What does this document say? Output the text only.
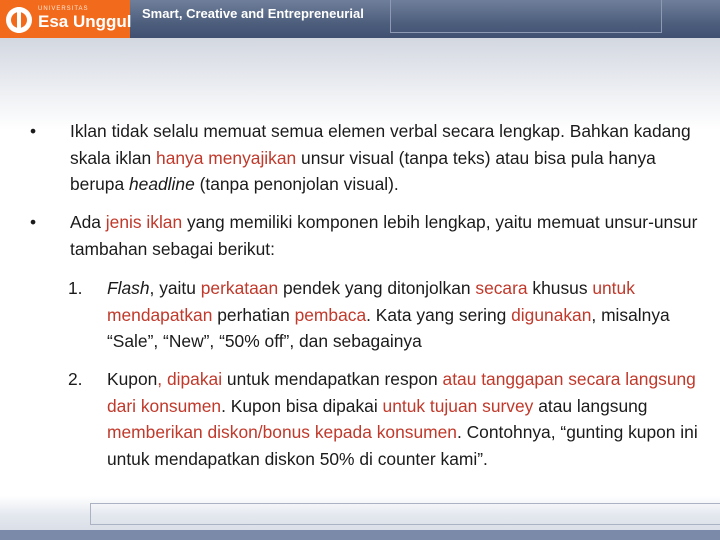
UNIVERSITAS
Esa Unggul Smart, Creative and Entrepreneurial
• Iklan tidak selalu memuat semua elemen verbal secara lengkap. Bahkan kadang skala iklan hanya menyajikan unsur visual (tanpa teks) atau bisa pula hanya berupa headline (tanpa penonjolan visual).
• Ada jenis iklan yang memiliki komponen lebih lengkap, yaitu memuat unsur-unsur tambahan sebagai berikut:
1. Flash, yaitu perkataan pendek yang ditonjolkan secara khusus untuk mendapatkan perhatian pembaca. Kata yang sering digunakan, misalnya “Sale”, “New”, “50% off”, dan sebagainya
2. Kupon, dipakai untuk mendapatkan respon atau tanggapan secara langsung dari konsumen. Kupon bisa dipakai untuk tujuan survey atau langsung memberikan diskon/bonus kepada konsumen. Contohnya, “gunting kupon ini untuk mendapatkan diskon 50% di counter kami”.
